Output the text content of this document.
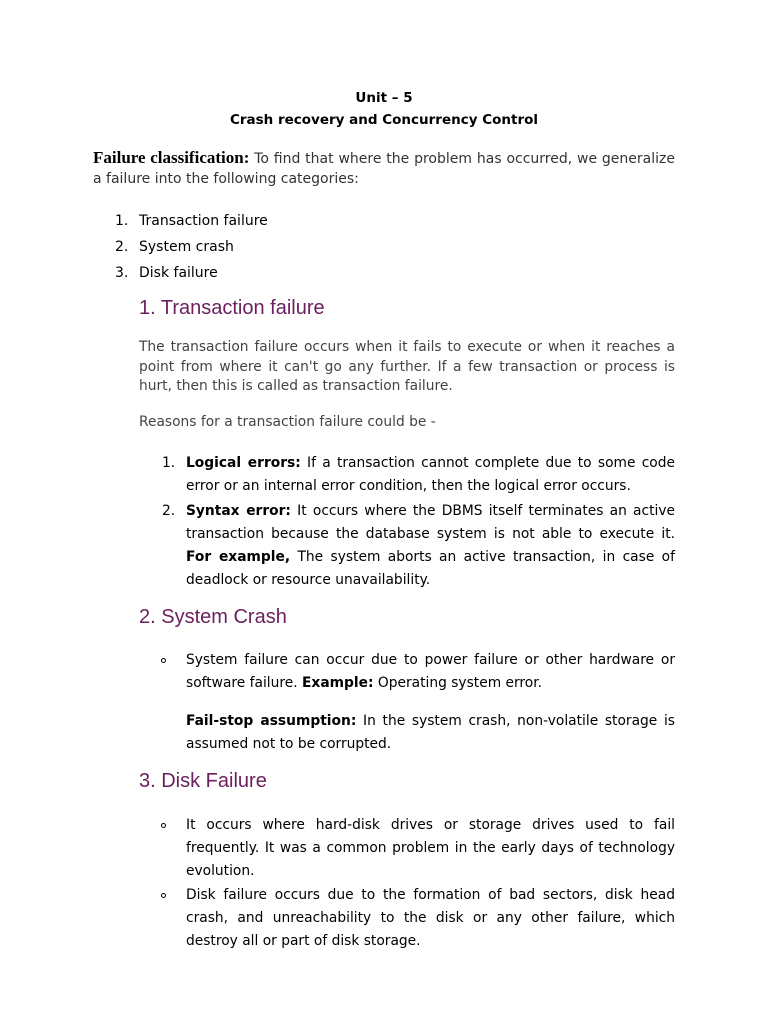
Unit – 5

Crash recovery and Concurrency Control

Failure classification: To find that where the problem has occurred, we generalize a failure into the following categories:

1. Transaction failure
2. System crash
3. Disk failure
1. Transaction failure

The transaction failure occurs when it fails to execute or when it reaches a point from where it can't go any further. If a few transaction or process is hurt, then this is called as transaction failure.

Reasons for a transaction failure could be -

1. Logical errors: If a transaction cannot complete due to some code error or an internal error condition, then the logical error occurs.
2. Syntax error: It occurs where the DBMS itself terminates an active transaction because the database system is not able to execute it. For example, The system aborts an active transaction, in case of deadlock or resource unavailability.
2. System Crash
System failure can occur due to power failure or other hardware or software failure. Example: Operating system error.

Fail-stop assumption: In the system crash, non-volatile storage is assumed not to be corrupted.

3. Disk Failure
It occurs where hard-disk drives or storage drives used to fail frequently. It was a common problem in the early days of technology evolution.
Disk failure occurs due to the formation of bad sectors, disk head crash, and unreachability to the disk or any other failure, which destroy all or part of disk storage.
